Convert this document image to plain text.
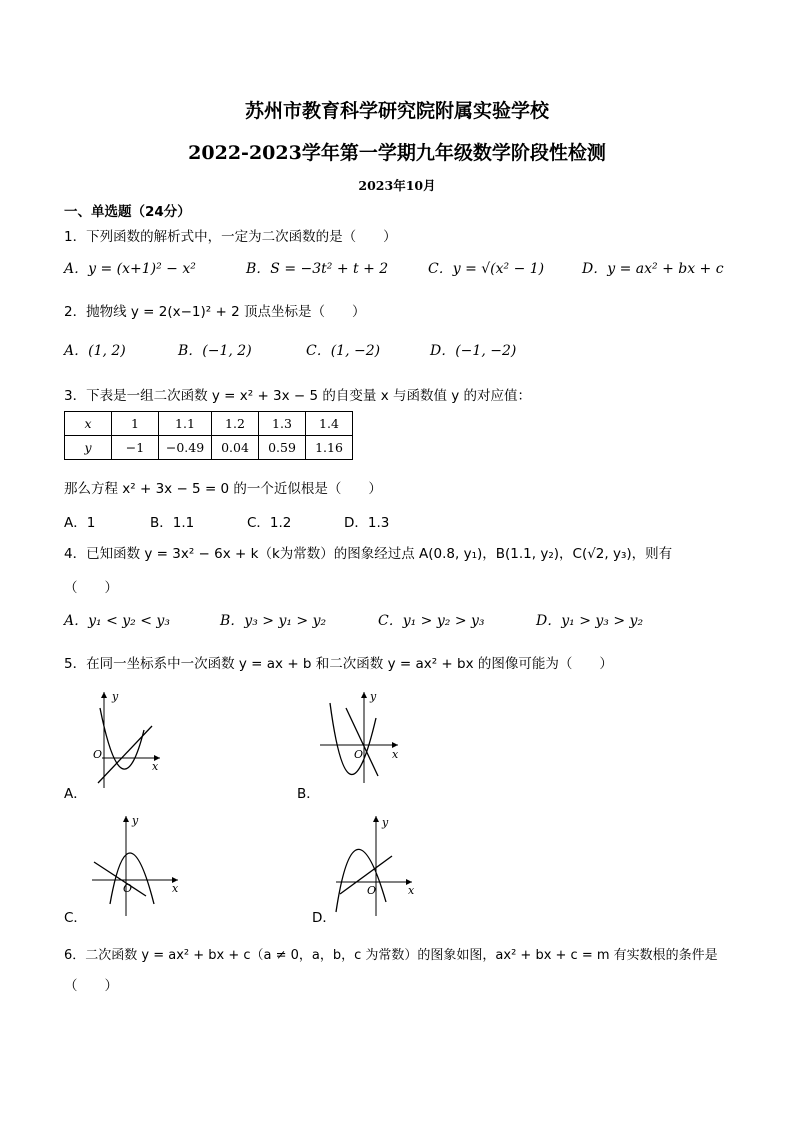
苏州市教育科学研究院附属实验学校
2022-2023学年第一学期九年级数学阶段性检测
2023年10月
一、单选题（24分）
1．下列函数的解析式中，一定为二次函数的是（　　）
A．y = (x+1)² − x²	B．S = −3t² + t + 2	C．y = √(x² − 1)	D．y = ax² + bx + c
2．抛物线 y = 2(x−1)² + 2 顶点坐标是（　　）
A．(1, 2)	B．(−1, 2)	C．(1, −2)	D．(−1, −2)
3．下表是一组二次函数 y = x² + 3x − 5 的自变量 x 与函数值 y 的对应值：
x	1	1.1	1.2	1.3	1.4
y	−1	−0.49	0.04	0.59	1.16
那么方程 x² + 3x − 5 = 0 的一个近似根是（　　）
A．1	B．1.1	C．1.2	D．1.3
4．已知函数 y = 3x² − 6x + k（k为常数）的图象经过点 A(0.8, y₁)，B(1.1, y₂)，C(√2, y₃)，则有
（　　）
A．y₁ < y₂ < y₃	B．y₃ > y₁ > y₂	C．y₁ > y₂ > y₃	D．y₁ > y₃ > y₂
5．在同一坐标系中一次函数 y = ax + b 和二次函数 y = ax² + bx 的图像可能为（　　）
y
x
O
A．
y
x
O
B．
y
x
O
C．
y
x
O
D．
6．二次函数 y = ax² + bx + c（a ≠ 0，a，b，c 为常数）的图象如图，ax² + bx + c = m 有实数根的条件是
（　　）
